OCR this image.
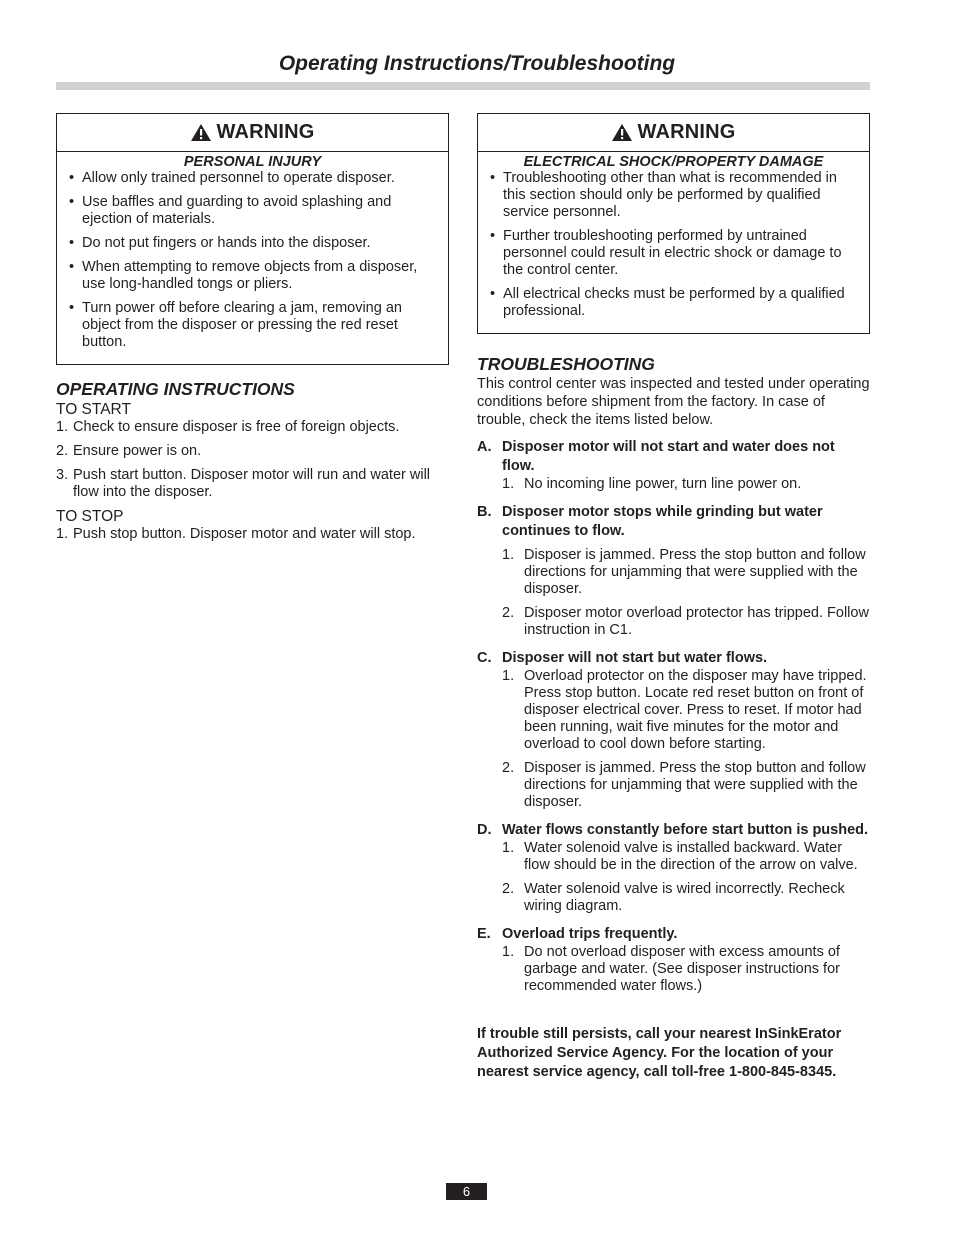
Operating Instructions/Troubleshooting
WARNING
PERSONAL INJURY
• Allow only trained personnel to operate disposer.
• Use baffles and guarding to avoid splashing and ejection of materials.
• Do not put fingers or hands into the disposer.
• When attempting to remove objects from a disposer, use long-handled tongs or pliers.
• Turn power off before clearing a jam, removing an object from the disposer or pressing the red reset button.
OPERATING INSTRUCTIONS
TO START
1. Check to ensure disposer is free of foreign objects.
2. Ensure power is on.
3. Push start button. Disposer motor will run and water will flow into the disposer.
TO STOP
1. Push stop button. Disposer motor and water will stop.
WARNING
ELECTRICAL SHOCK/PROPERTY DAMAGE
• Troubleshooting other than what is recommended in this section should only be performed by qualified service personnel.
• Further troubleshooting performed by untrained personnel could result in electric shock or damage to the control center.
• All electrical checks must be performed by a qualified professional.
TROUBLESHOOTING
This control center was inspected and tested under operating conditions before shipment from the factory. In case of trouble, check the items listed below.
A. Disposer motor will not start and water does not flow.
1. No incoming line power, turn line power on.
B. Disposer motor stops while grinding but water continues to flow.
1. Disposer is jammed. Press the stop button and follow directions for unjamming that were supplied with the disposer.
2. Disposer motor overload protector has tripped. Follow instruction in C1.
C. Disposer will not start but water flows.
1. Overload protector on the disposer may have tripped. Press stop button. Locate red reset button on front of disposer electrical cover. Press to reset. If motor had been running, wait five minutes for the motor and overload to cool down before starting.
2. Disposer is jammed. Press the stop button and follow directions for unjamming that were supplied with the disposer.
D. Water flows constantly before start button is pushed.
1. Water solenoid valve is installed backward. Water flow should be in the direction of the arrow on valve.
2. Water solenoid valve is wired incorrectly. Recheck wiring diagram.
E. Overload trips frequently.
1. Do not overload disposer with excess amounts of garbage and water. (See disposer instructions for recommended water flows.)
If trouble still persists, call your nearest InSinkErator Authorized Service Agency. For the location of your nearest service agency, call toll-free 1-800-845-8345.
6
